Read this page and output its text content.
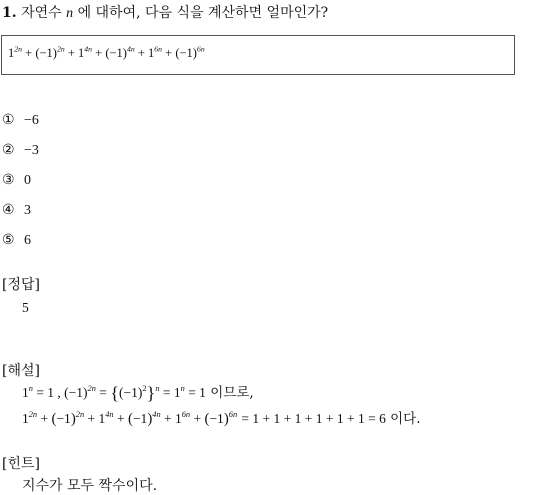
1. 자연수 n 에 대하여, 다음 식을 계산하면 얼마인가?
$1^{2n} + (-1)^{2n} + 1^{4n} + (-1)^{4n} + 1^{6n} + (-1)^{6n}$
① −6
② −3
③ 0
④ 3
⑤ 6
[정답]
5
[해설]
$1^n = 1$ , $(-1)^{2n} = \{(-1)^2\}^n = 1^n = 1$ 이므로,
$1^{2n} + (-1)^{2n} + 1^{4n} + (-1)^{4n} + 1^{6n} + (-1)^{6n} = 1 + 1 + 1 + 1 + 1 + 1 = 6$ 이다.
[힌트]
지수가 모두 짝수이다.
